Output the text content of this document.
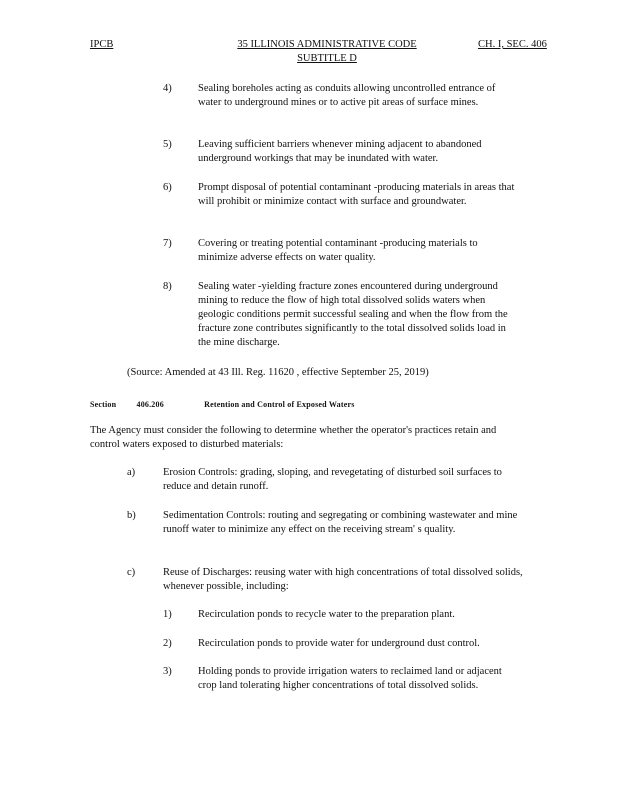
IPCB	35 ILLINOIS ADMINISTRATIVE CODE
SUBTITLE D
CH. I, SEC. 406
4)	Sealing boreholes acting as conduits allowing uncontrolled entrance of water to underground mines or to active pit areas of surface mines.
5)	Leaving sufficient barriers whenever mining adjacent to abandoned underground workings that may be inundated with water.
6)	Prompt disposal of potential contaminant -producing materials in areas that will prohibit or minimize contact with surface and groundwater.
7)	Covering or treating potential contaminant -producing materials to minimize adverse effects on water quality.
8)	Sealing water -yielding fracture zones encountered during underground mining to reduce the flow of high total dissolved solids waters when geologic conditions permit successful sealing and when the flow from the fracture zone contributes significantly to the total dissolved solids load in the mine discharge.
(Source: Amended at 43 Ill. Reg. 11620 , effective September 25, 2019)
Section	406.206	Retention and Control of Exposed Waters
The Agency must consider the following to determine whether the operator's practices retain and control waters exposed to disturbed materials:
a)	Erosion Controls: grading, sloping, and revegetating of disturbed soil surfaces to reduce and detain runoff.
b)	Sedimentation Controls: routing and segregating or combining wastewater and mine runoff water to minimize any effect on the receiving stream' s quality.
c)	Reuse of Discharges: reusing water with high concentrations of total dissolved solids, whenever possible, including:
1)	Recirculation ponds to recycle water to the preparation plant.
2)	Recirculation ponds to provide water for underground dust control.
3)	Holding ponds to provide irrigation waters to reclaimed land or adjacent crop land tolerating higher concentrations of total dissolved solids.
